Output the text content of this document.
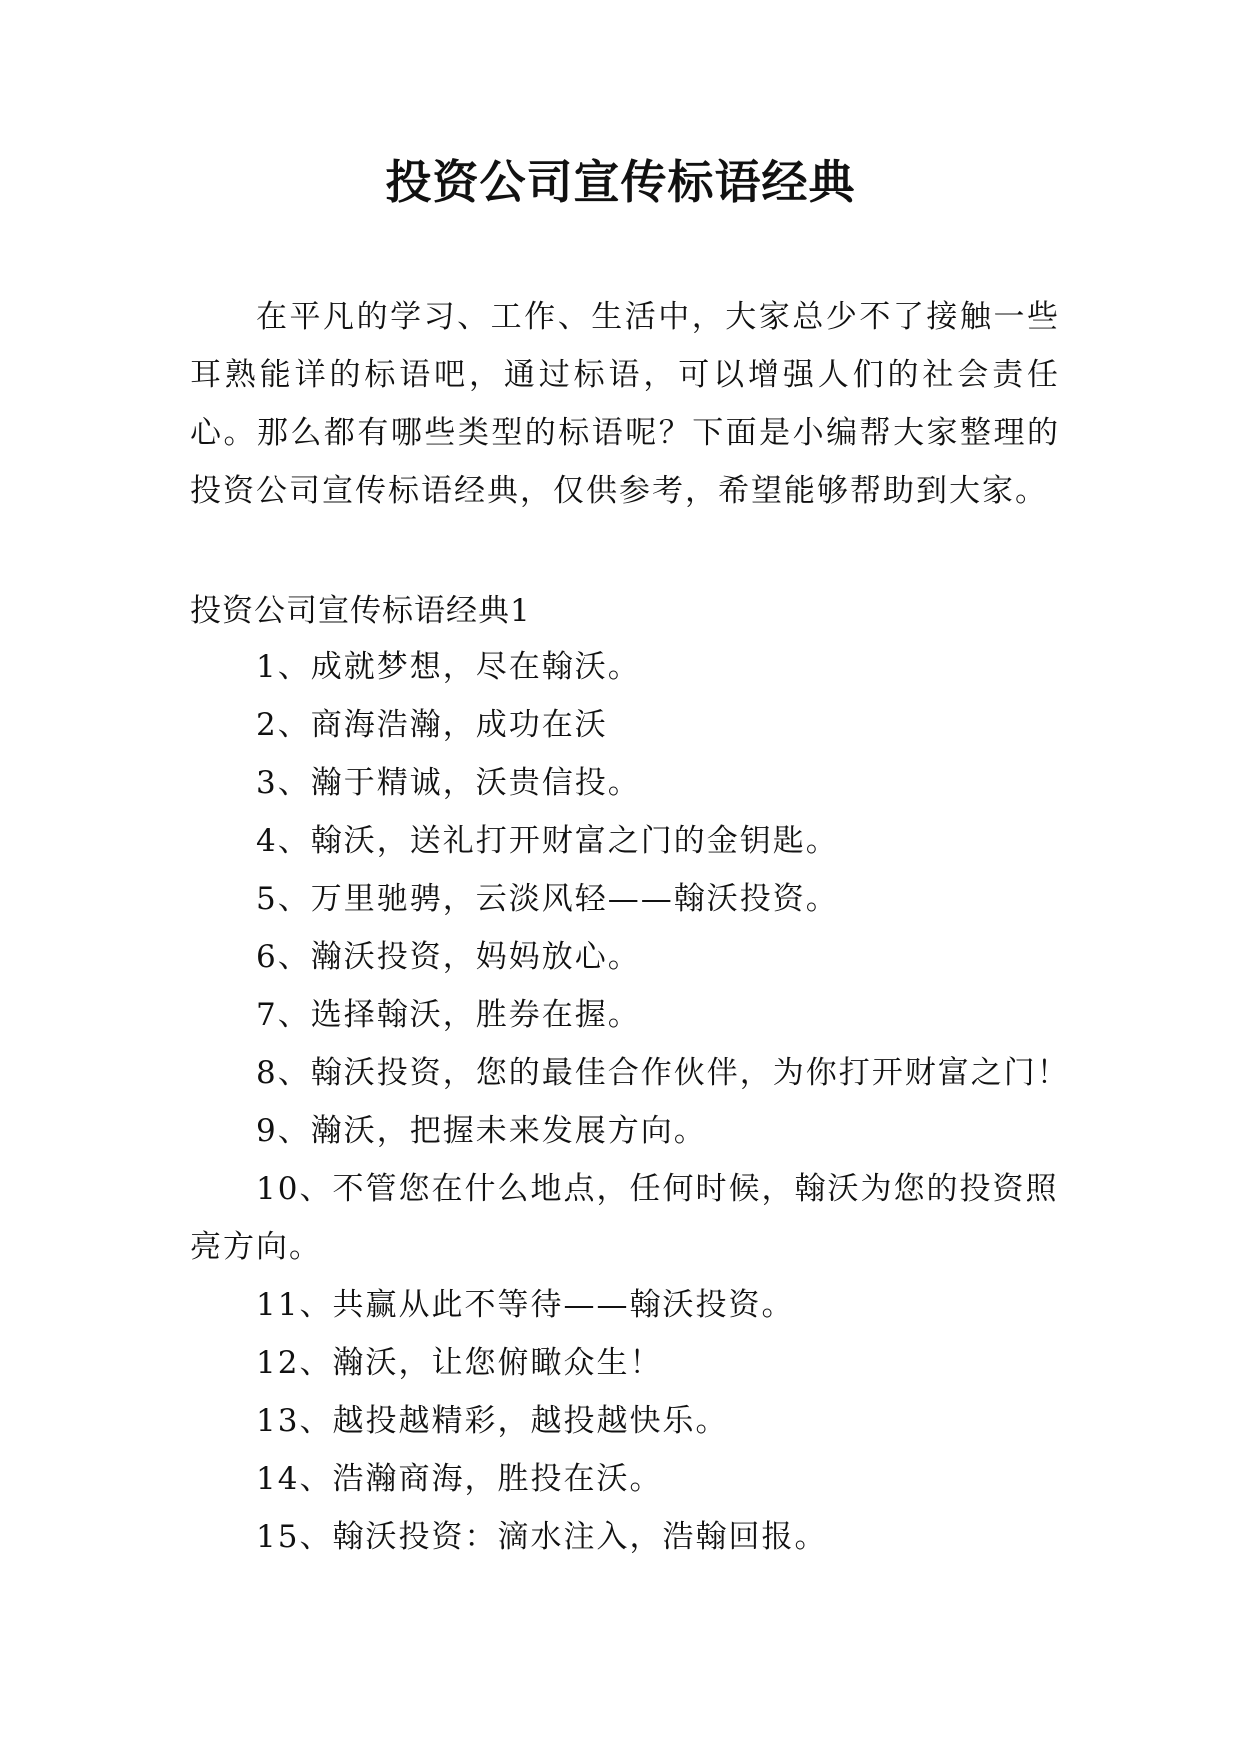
投资公司宣传标语经典

在平凡的学习、工作、生活中，大家总少不了接触一些耳熟能详的标语吧，通过标语，可以增强人们的社会责任心。那么都有哪些类型的标语呢？下面是小编帮大家整理的投资公司宣传标语经典，仅供参考，希望能够帮助到大家。

投资公司宣传标语经典1
1、成就梦想，尽在翰沃。
2、商海浩瀚，成功在沃
3、瀚于精诚，沃贵信投。
4、翰沃，送礼打开财富之门的金钥匙。
5、万里驰骋，云淡风轻——翰沃投资。
6、瀚沃投资，妈妈放心。
7、选择翰沃，胜券在握。
8、翰沃投资，您的最佳合作伙伴，为你打开财富之门！
9、瀚沃，把握未来发展方向。
10、不管您在什么地点，任何时候，翰沃为您的投资照亮方向。
11、共赢从此不等待——翰沃投资。
12、瀚沃，让您俯瞰众生！
13、越投越精彩，越投越快乐。
14、浩瀚商海，胜投在沃。
15、翰沃投资：滴水注入，浩翰回报。
